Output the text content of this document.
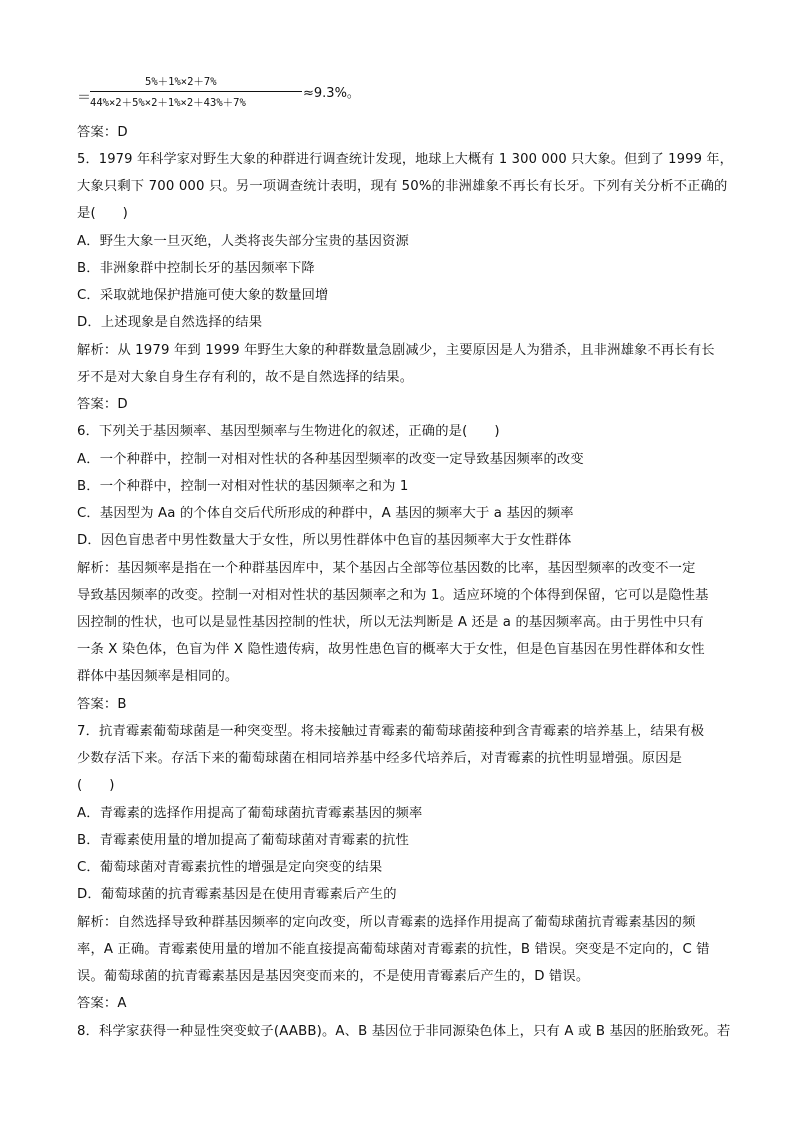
＝
5%＋1%×2＋7%
44%×2＋5%×2＋1%×2＋43%＋7%
≈9.3%。
答案：D
5．1979 年科学家对野生大象的种群进行调查统计发现，地球上大概有 1 300 000 只大象。但到了 1999 年，
大象只剩下 700 000 只。另一项调查统计表明，现有 50%的非洲雄象不再长有长牙。下列有关分析不正确的
是(　　)
A．野生大象一旦灭绝，人类将丧失部分宝贵的基因资源
B．非洲象群中控制长牙的基因频率下降
C．采取就地保护措施可使大象的数量回增
D．上述现象是自然选择的结果
解析：从 1979 年到 1999 年野生大象的种群数量急剧减少，主要原因是人为猎杀，且非洲雄象不再长有长
牙不是对大象自身生存有利的，故不是自然选择的结果。
答案：D
6．下列关于基因频率、基因型频率与生物进化的叙述，正确的是(　　)
A．一个种群中，控制一对相对性状的各种基因型频率的改变一定导致基因频率的改变
B．一个种群中，控制一对相对性状的基因频率之和为 1
C．基因型为 Aa 的个体自交后代所形成的种群中，A 基因的频率大于 a 基因的频率
D．因色盲患者中男性数量大于女性，所以男性群体中色盲的基因频率大于女性群体
解析：基因频率是指在一个种群基因库中，某个基因占全部等位基因数的比率，基因型频率的改变不一定
导致基因频率的改变。控制一对相对性状的基因频率之和为 1。适应环境的个体得到保留，它可以是隐性基
因控制的性状，也可以是显性基因控制的性状，所以无法判断是 A 还是 a 的基因频率高。由于男性中只有
一条 X 染色体，色盲为伴 X 隐性遗传病，故男性患色盲的概率大于女性，但是色盲基因在男性群体和女性
群体中基因频率是相同的。
答案：B
7．抗青霉素葡萄球菌是一种突变型。将未接触过青霉素的葡萄球菌接种到含青霉素的培养基上，结果有极
少数存活下来。存活下来的葡萄球菌在相同培养基中经多代培养后，对青霉素的抗性明显增强。原因是
(　　)
A．青霉素的选择作用提高了葡萄球菌抗青霉素基因的频率
B．青霉素使用量的增加提高了葡萄球菌对青霉素的抗性
C．葡萄球菌对青霉素抗性的增强是定向突变的结果
D．葡萄球菌的抗青霉素基因是在使用青霉素后产生的
解析：自然选择导致种群基因频率的定向改变，所以青霉素的选择作用提高了葡萄球菌抗青霉素基因的频
率，A 正确。青霉素使用量的增加不能直接提高葡萄球菌对青霉素的抗性，B 错误。突变是不定向的，C 错
误。葡萄球菌的抗青霉素基因是基因突变而来的，不是使用青霉素后产生的，D 错误。
答案：A
8．科学家获得一种显性突变蚊子(AABB)。A、B 基因位于非同源染色体上，只有 A 或 B 基因的胚胎致死。若
